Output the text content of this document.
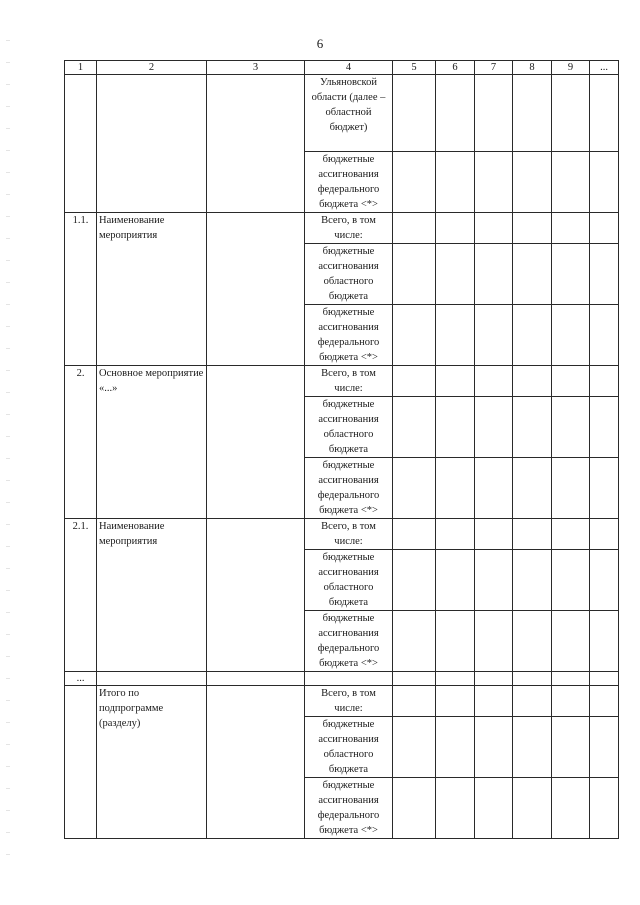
6
1	2	3	4	5	6	7	8	9	...
			Ульяновской области (далее – областной бюджет)						
			бюджетные ассигнования федерального бюджета <*>						
1.1.	Наименование мероприятия		Всего, в том числе:						
			бюджетные ассигнования областного бюджета						
			бюджетные ассигнования федерального бюджета <*>						
2.	Основное мероприятие «...»		Всего, в том числе:						
			бюджетные ассигнования областного бюджета						
			бюджетные ассигнования федерального бюджета <*>						
2.1.	Наименование мероприятия		Всего, в том числе:						
			бюджетные ассигнования областного бюджета						
			бюджетные ассигнования федерального бюджета <*>						
...									
	Итого по подпрограмме (разделу)		Всего, в том числе:						
			бюджетные ассигнования областного бюджета						
			бюджетные ассигнования федерального бюджета <*>						
